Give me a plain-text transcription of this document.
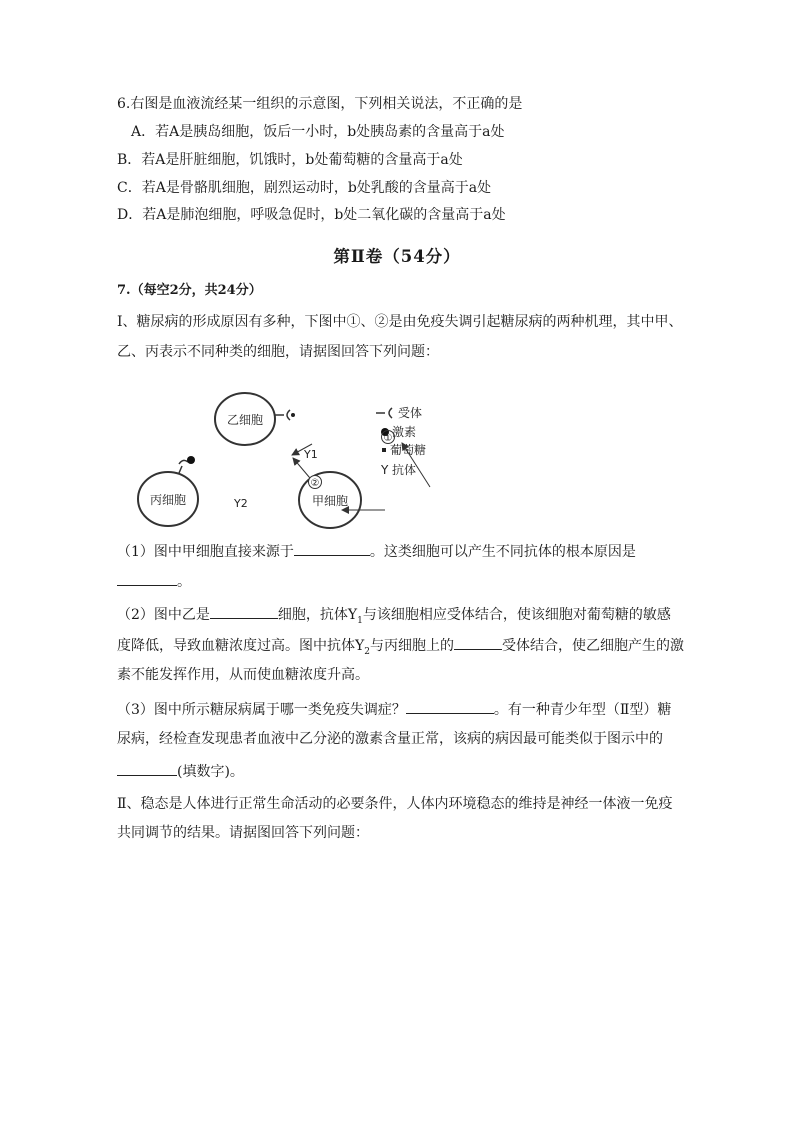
6.右图是血液流经某一组织的示意图，下列相关说法，不正确的是
A．若A是胰岛细胞，饭后一小时，b处胰岛素的含量高于a处
B．若A是肝脏细胞，饥饿时，b处葡萄糖的含量高于a处
C．若A是骨骼肌细胞，剧烈运动时，b处乳酸的含量高于a处
D．若A是肺泡细胞，呼吸急促时，b处二氧化碳的含量高于a处
第Ⅱ卷（54分）
7.（每空2分，共24分）
Ⅰ、糖尿病的形成原因有多种，下图中①、②是由免疫失调引起糖尿病的两种机理，其中甲、
乙、丙表示不同种类的细胞，请据图回答下列问题：
乙细胞
丙细胞	甲细胞
Y1
②
Y2
受体
激素
①
葡萄糖
Y 抗体
（1）图中甲细胞直接来源于	。这类细胞可以产生不同抗体的根本原因是
。
（2）图中乙是	细胞，抗体$Y_1$与该细胞相应受体结合，使该细胞对葡萄糖的敏感
度降低，导致血糖浓度过高。图中抗体$Y_2$与丙细胞上的	受体结合，使乙细胞产生的激
素不能发挥作用，从而使血糖浓度升高。
（3）图中所示糖尿病属于哪一类免疫失调症？	。有一种青少年型（Ⅱ型）糖
尿病，经检查发现患者血液中乙分泌的激素含量正常，该病的病因最可能类似于图示中的
(填数字)。
Ⅱ、稳态是人体进行正常生命活动的必要条件，人体内环境稳态的维持是神经一体液一免疫
共同调节的结果。请据图回答下列问题：
